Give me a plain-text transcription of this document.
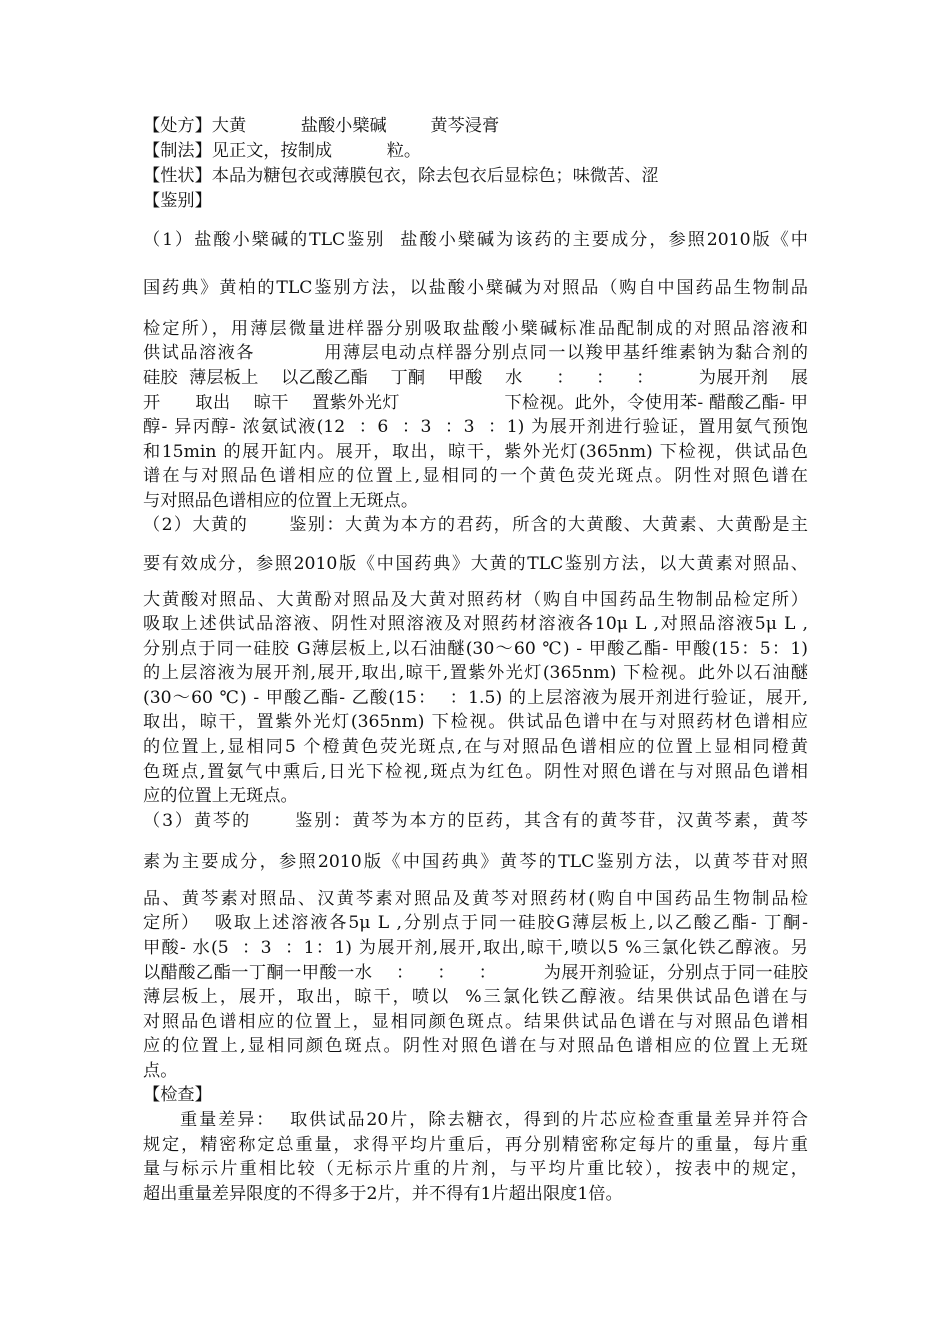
【处方】大黄          盐酸小檗碱        黄芩浸膏
【制法】见正文，按制成          粒。
【性状】本品为糖包衣或薄膜包衣，除去包衣后显棕色；味微苦、涩
【鉴别】
（1）盐酸小檗碱的TLC鉴别  盐酸小檗碱为该药的主要成分，参照2010版《中
国药典》黄柏的TLC鉴别方法，以盐酸小檗碱为对照品（购自中国药品生物制品
检定所），用薄层微量进样器分别吸取盐酸小檗碱标准品配制成的对照品溶液和
供试品溶液各          用薄层电动点样器分别点同一以羧甲基纤维素钠为黏合剂的
硅胶  薄层板上    以乙酸乙酯    丁酮    甲酸    水      ：    ：    ：        为展开剂    展
开      取出    晾干    置紫外光灯                  下检视。此外，令使用苯- 醋酸乙酯- 甲
醇- 异丙醇- 浓氨试液(12  ：6  ：3  ：3  ：1) 为展开剂进行验证，置用氨气预饱
和15min 的展开缸内。展开，取出，晾干，紫外光灯(365nm) 下检视，供试品色
谱在与对照品色谱相应的位置上,显相同的一个黄色荧光斑点。阴性对照色谱在
与对照品色谱相应的位置上无斑点。
（2）大黄的      鉴别：大黄为本方的君药，所含的大黄酸、大黄素、大黄酚是主
要有效成分，参照2010版《中国药典》大黄的TLC鉴别方法，以大黄素对照品、
大黄酸对照品、大黄酚对照品及大黄对照药材（购自中国药品生物制品检定所）
吸取上述供试品溶液、阴性对照溶液及对照药材溶液各10μ L ,对照品溶液5μ L ,
分别点于同一硅胶 G薄层板上,以石油醚(30～60 ℃) - 甲酸乙酯- 甲酸(15：5：1)
的上层溶液为展开剂,展开,取出,晾干,置紫外光灯(365nm) 下检视。此外以石油醚
(30～60 ℃) - 甲酸乙酯- 乙酸(15：  ：1.5) 的上层溶液为展开剂进行验证，展开,
取出，晾干，置紫外光灯(365nm) 下检视。供试品色谱中在与对照药材色谱相应
的位置上,显相同5 个橙黄色荧光斑点,在与对照品色谱相应的位置上显相同橙黄
色斑点,置氨气中熏后,日光下检视,斑点为红色。阴性对照色谱在与对照品色谱相
应的位置上无斑点。
（3）黄芩的      鉴别：黄芩为本方的臣药，其含有的黄芩苷，汉黄芩素，黄芩
素为主要成分，参照2010版《中国药典》黄芩的TLC鉴别方法，以黄芩苷对照
品、黄芩素对照品、汉黄芩素对照品及黄芩对照药材(购自中国药品生物制品检
定所）  吸取上述溶液各5μ L ,分别点于同一硅胶G薄层板上,以乙酸乙酯- 丁酮-
甲酸- 水(5  ：3  ：1：1) 为展开剂,展开,取出,晾干,喷以5 %三氯化铁乙醇液。另
以醋酸乙酯一丁酮一甲酸一水    ：    ：    ：        为展开剂验证，分别点于同一硅胶
薄层板上，展开，取出，晾干，喷以  %三氯化铁乙醇液。结果供试品色谱在与
对照品色谱相应的位置上，显相同颜色斑点。结果供试品色谱在与对照品色谱相
应的位置上,显相同颜色斑点。阴性对照色谱在与对照品色谱相应的位置上无斑
点。
【检查】
重量差异：  取供试品20片，除去糖衣，得到的片芯应检查重量差异并符合
规定，精密称定总重量，求得平均片重后，再分别精密称定每片的重量，每片重
量与标示片重相比较（无标示片重的片剂，与平均片重比较），按表中的规定，
超出重量差异限度的不得多于2片，并不得有1片超出限度1倍。
